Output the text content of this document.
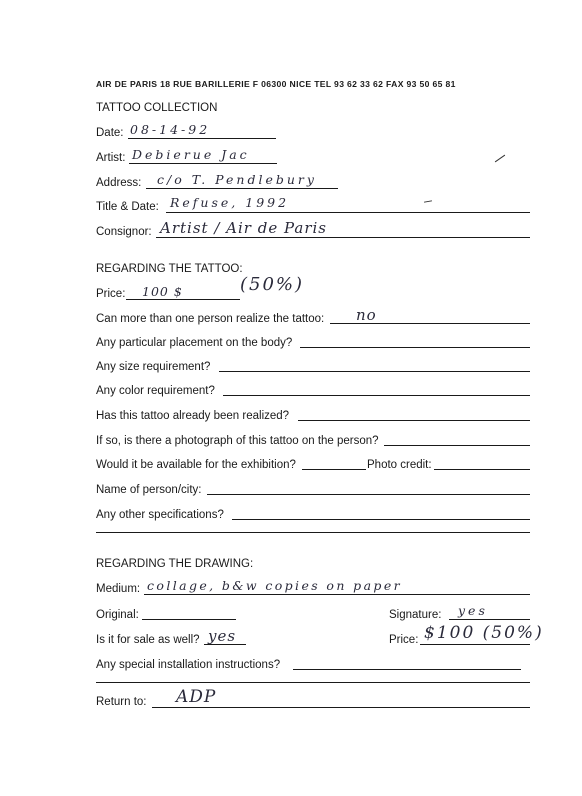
AIR DE PARIS 18 RUE BARILLERIE F 06300 NICE TEL 93 62 33 62 FAX 93 50 65 81
TATTOO COLLECTION
Date: 08-14-92
Artist: Debierue Jac
Address: c/o T. Pendlebury
Title & Date: Refuse, 1992
Consignor: Artist / Air de Paris
REGARDING THE TATTOO:
Price: 100 $	(50%)
Can more than one person realize the tattoo: no
Any particular placement on the body?
Any size requirement?
Any color requirement?
Has this tattoo already been realized?
If so, is there a photograph of this tattoo on the person?
Would it be available for the exhibition?	Photo credit:
Name of person/city:
Any other specifications?
REGARDING THE DRAWING:
Medium: collage, b&w copies on paper
Original:	Signature: yes
Is it for sale as well? yes	Price: $100 (50%)
Any special installation instructions?
Return to: ADP
